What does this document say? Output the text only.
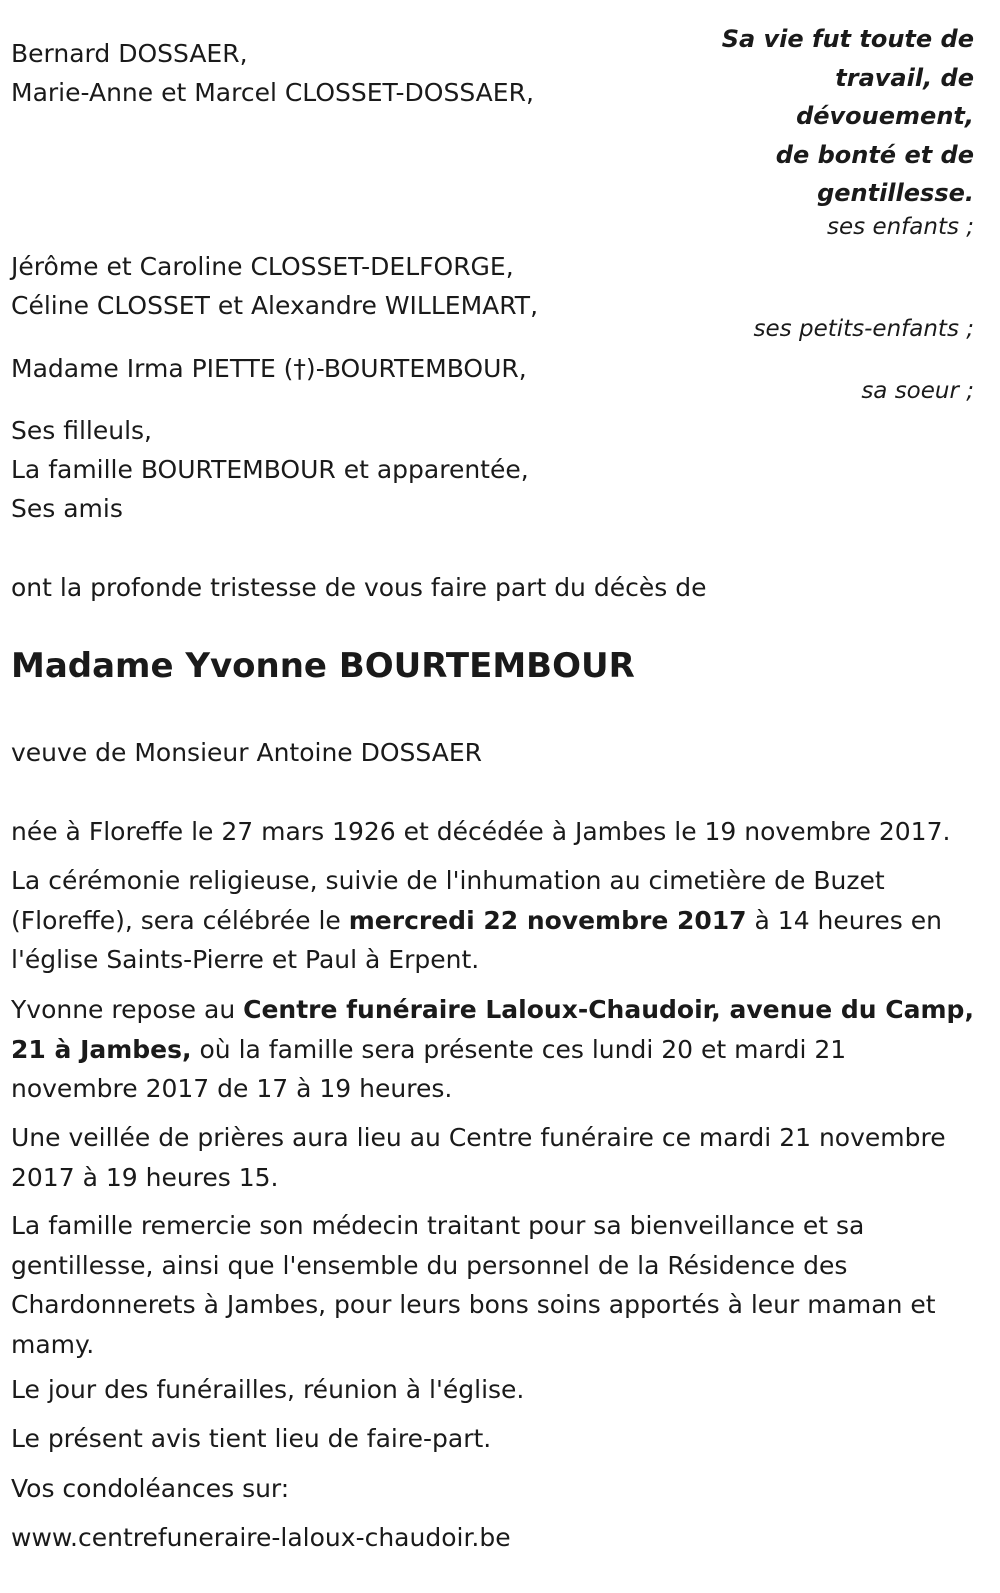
Sa vie fut toute de
travail, de
dévouement,
de bonté et de
gentillesse.
ses enfants ;
ses petits-enfants ;
sa soeur ;
Bernard DOSSAER,
Marie-Anne et Marcel CLOSSET-DOSSAER,
Jérôme et Caroline CLOSSET-DELFORGE,
Céline CLOSSET et Alexandre WILLEMART,
Madame Irma PIETTE (†)-BOURTEMBOUR,
Ses filleuls,
La famille BOURTEMBOUR et apparentée,
Ses amis
ont la profonde tristesse de vous faire part du décès de
Madame Yvonne BOURTEMBOUR
veuve de Monsieur Antoine DOSSAER
née à Floreffe le 27 mars 1926 et décédée à Jambes le 19 novembre 2017.
La cérémonie religieuse, suivie de l'inhumation au cimetière de Buzet (Floreffe), sera célébrée le mercredi 22 novembre 2017 à 14 heures en l'église Saints-Pierre et Paul à Erpent.
Yvonne repose au Centre funéraire Laloux-Chaudoir, avenue du Camp, 21 à Jambes, où la famille sera présente ces lundi 20 et mardi 21 novembre 2017 de 17 à 19 heures.
Une veillée de prières aura lieu au Centre funéraire ce mardi 21 novembre 2017 à 19 heures 15.
La famille remercie son médecin traitant pour sa bienveillance et sa gentillesse, ainsi que l'ensemble du personnel de la Résidence des Chardonnerets à Jambes, pour leurs bons soins apportés à leur maman et mamy.
Le jour des funérailles, réunion à l'église.
Le présent avis tient lieu de faire-part.
Vos condoléances sur:
www.centrefuneraire-laloux-chaudoir.be
